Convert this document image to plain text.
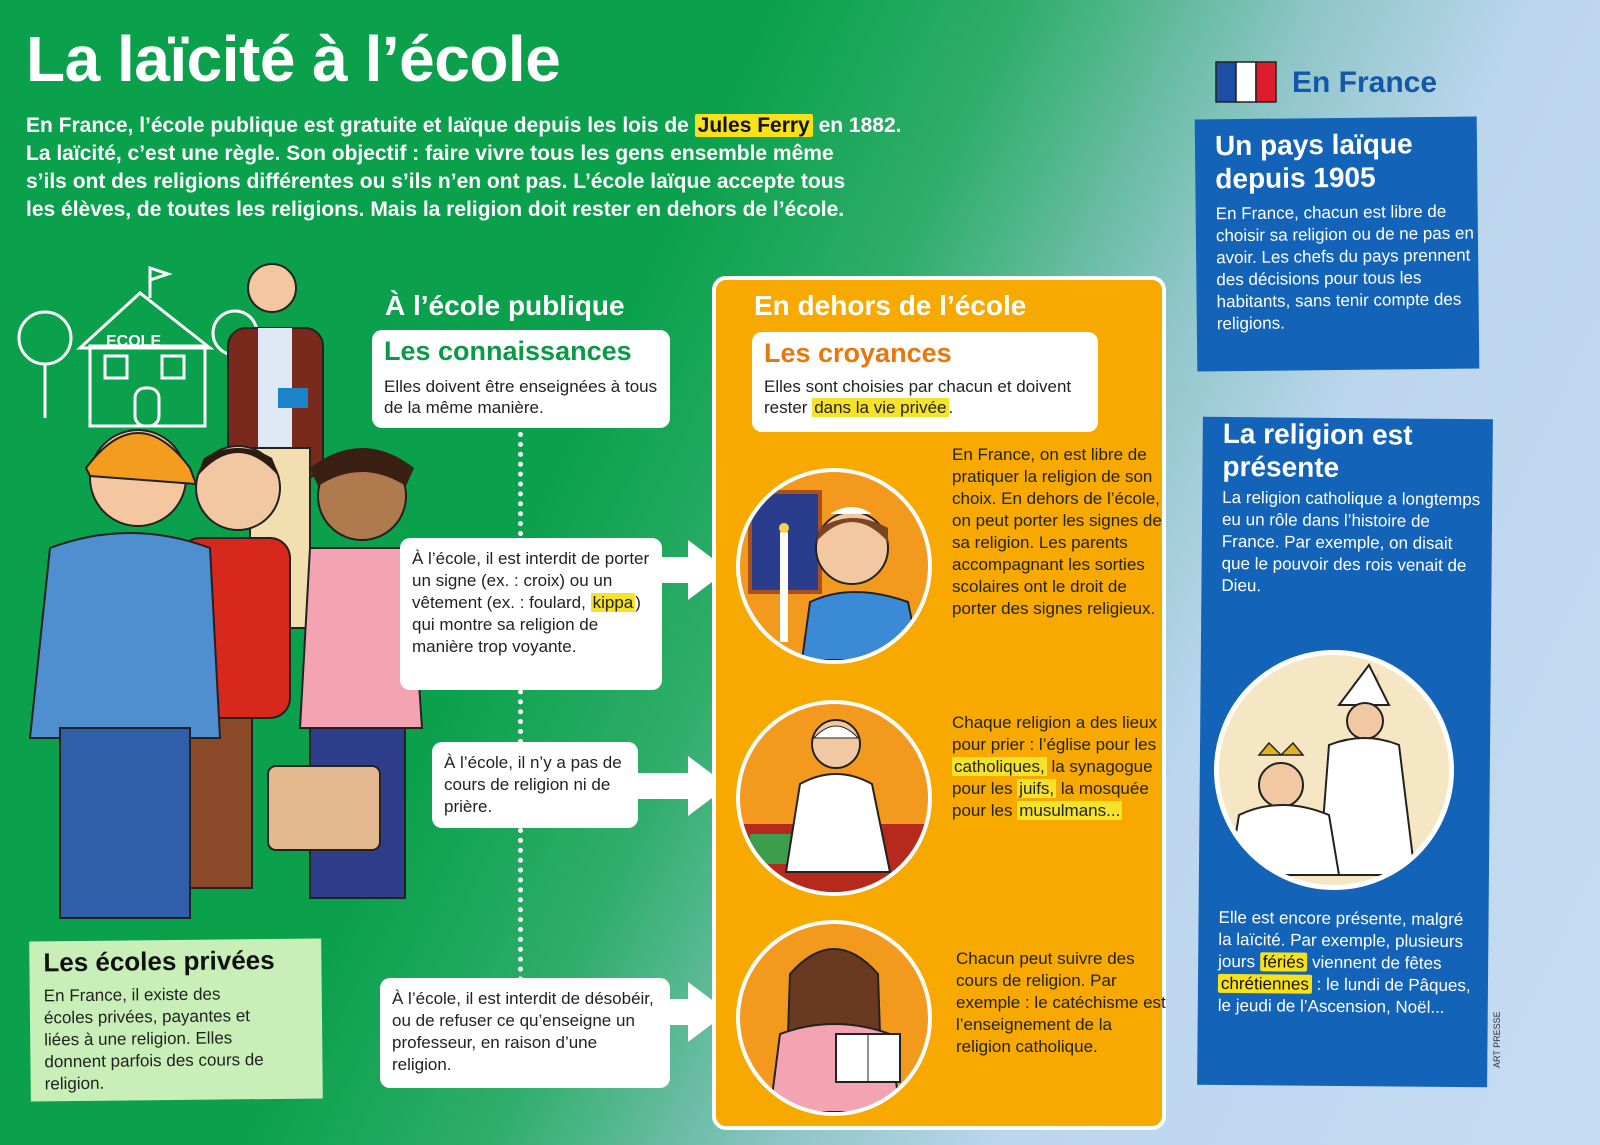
La laïcité à l’école

En France, l’école publique est gratuite et laïque depuis les lois de Jules Ferry en 1882.

La laïcité, c’est une règle. Son objectif : faire vivre tous les gens ensemble même

s’ils ont des religions différentes ou s’ils n’en ont pas. L’école laïque accepte tous

les élèves, de toutes les religions. Mais la religion doit rester en dehors de l’école.

ECOLE
À l’école publique
Les connaissances
Elles doivent être enseignées à tous de la même manière.
À l’école, il est interdit de porter un signe (ex. : croix) ou un vêtement (ex. : foulard, kippa ) qui montre sa religion de manière trop voyante.
À l’école, il n’y a pas de cours de religion ni de prière.
À l’école, il est interdit de désobéir, ou de refuser ce qu’enseigne un professeur, en raison d’une religion.
En dehors de l’école
Les croyances
Elles sont choisies par chacun et doivent rester dans la vie privée .
En France, on est libre de pratiquer la religion de son choix. En dehors de l’école, on peut porter les signes de sa religion. Les parents accompagnant les sorties scolaires ont le droit de porter des signes religieux.
Chaque religion a des lieux pour prier : l’église pour les catholiques, la synagogue pour les juifs, la mosquée pour les musulmans...
Chacun peut suivre des cours de religion. Par exemple : le catéchisme est l’enseignement de la religion catholique.
En France
Un pays laïque depuis 1905
En France, chacun est libre de choisir sa religion ou de ne pas en avoir. Les chefs du pays prennent des décisions pour tous les habitants, sans tenir compte des religions.
La religion est présente
La religion catholique a longtemps eu un rôle dans l’histoire de France. Par exemple, on disait que le pouvoir des rois venait de Dieu.
Elle est encore présente, malgré la laïcité. Par exemple, plusieurs jours fériés viennent de fêtes chrétiennes : le lundi de Pâques, le jeudi de l’Ascension, Noël...
ART PRESSE
Les écoles privées
En France, il existe des écoles privées, payantes et liées à une religion. Elles donnent parfois des cours de religion.
